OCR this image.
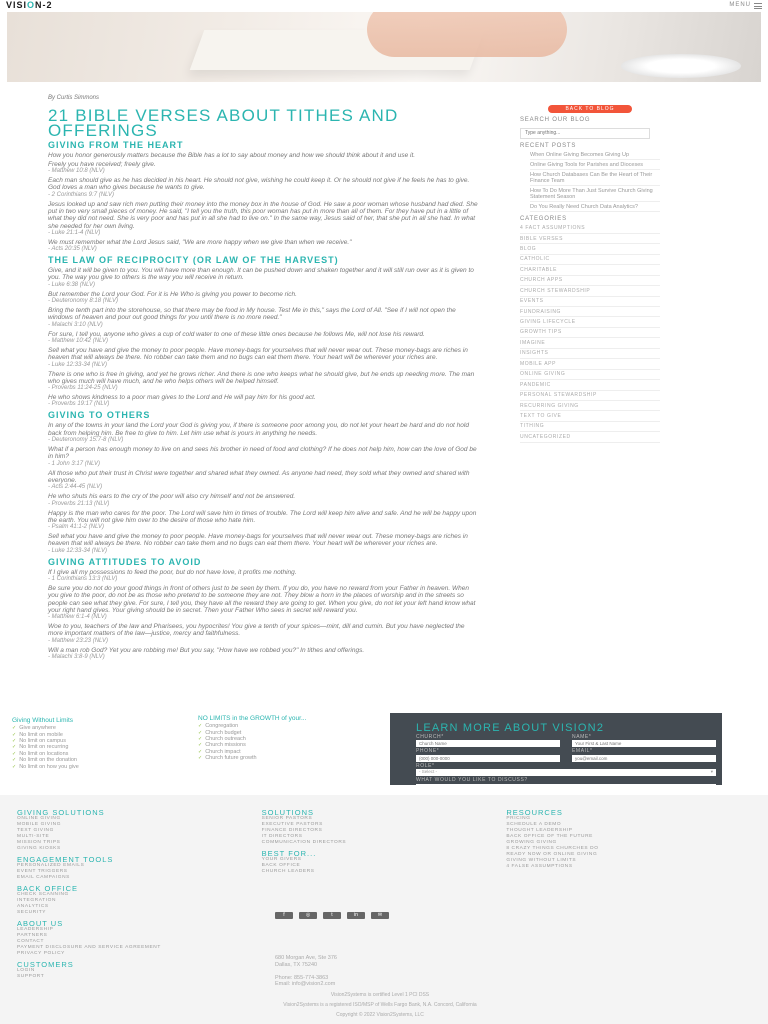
VISION-2	MENU
By Curtis Simmons
21 BIBLE VERSES ABOUT TITHES AND OFFERINGS
GIVING FROM THE HEART

How you honor generously matters because the Bible has a lot to say about money and how we should think about it and use it.

Freely you have received; freely give.

- Matthew 10:8 (NLV)

Each man should give as he has decided in his heart. He should not give, wishing he could keep it. Or he should not give if he feels he has to give. God loves a man who gives because he wants to give.

- 2 Corinthians 9:7 (NLV)

Jesus looked up and saw rich men putting their money into the money box in the house of God. He saw a poor woman whose husband had died. She put in two very small pieces of money. He said, "I tell you the truth, this poor woman has put in more than all of them. For they have put in a little of what they did not need. She is very poor and has put in all she had to live on." In the same way, Jesus said of her, that she put in all she had. In what she needed for her own living.

- Luke 21:1-4 (NLV)

We must remember what the Lord Jesus said, "We are more happy when we give than when we receive."

- Acts 20:35 (NLV)

THE LAW OF RECIPROCITY (OR LAW OF THE HARVEST)

Give, and it will be given to you. You will have more than enough. It can be pushed down and shaken together and it will still run over as it is given to you. The way you give to others is the way you will receive in return.

- Luke 6:38 (NLV)

But remember the Lord your God. For it is He Who is giving you power to become rich.

- Deuteronomy 8:18 (NLV)

Bring the tenth part into the storehouse, so that there may be food in My house. Test Me in this," says the Lord of All. "See if I will not open the windows of heaven and pour out good things for you until there is no more need."

- Malachi 3:10 (NLV)

For sure, I tell you, anyone who gives a cup of cold water to one of these little ones because he follows Me, will not lose his reward.

- Matthew 10:42 (NLV)

Sell what you have and give the money to poor people. Have money-bags for yourselves that will never wear out. These money-bags are riches in heaven that will always be there. No robber can take them and no bugs can eat them there. Your heart will be wherever your riches are.

- Luke 12:33-34 (NLV)

There is one who is free in giving, and yet he grows richer. And there is one who keeps what he should give, but he ends up needing more. The man who gives much will have much, and he who helps others will be helped himself.

- Proverbs 11:24-25 (NLV)

He who shows kindness to a poor man gives to the Lord and He will pay him for his good act.

- Proverbs 19:17 (NLV)

GIVING TO OTHERS

In any of the towns in your land the Lord your God is giving you, if there is someone poor among you, do not let your heart be hard and do not hold back from helping him. Be free to give to him. Let him use what is yours in anything he needs.

- Deuteronomy 15:7-8 (NLV)

What if a person has enough money to live on and sees his brother in need of food and clothing? If he does not help him, how can the love of God be in him?

- 1 John 3:17 (NLV)

All those who put their trust in Christ were together and shared what they owned. As anyone had need, they sold what they owned and shared with everyone.

- Acts 2:44-45 (NLV)

He who shuts his ears to the cry of the poor will also cry himself and not be answered.

- Proverbs 21:13 (NLV)

Happy is the man who cares for the poor. The Lord will save him in times of trouble. The Lord will keep him alive and safe. And he will be happy upon the earth. You will not give him over to the desire of those who hate him.

- Psalm 41:1-2 (NLV)

Sell what you have and give the money to poor people. Have money-bags for yourselves that will never wear out. These money-bags are riches in heaven that will always be there. No robber can take them and no bugs can eat them there. Your heart will be wherever your riches are.

- Luke 12:33-34 (NLV)

GIVING ATTITUDES TO AVOID

If I give all my possessions to feed the poor, but do not have love, it profits me nothing.

- 1 Corinthians 13:3 (NLV)

Be sure you do not do your good things in front of others just to be seen by them. If you do, you have no reward from your Father in heaven. When you give to the poor, do not be as those who pretend to be someone they are not. They blow a horn in the places of worship and in the streets so people can see what they give. For sure, I tell you, they have all the reward they are going to get. When you give, do not let your left hand know what your right hand gives. Your giving should be in secret. Then your Father Who sees in secret will reward you.

- Matthew 6:1-4 (NLV)

Woe to you, teachers of the law and Pharisees, you hypocrites! You give a tenth of your spices—mint, dill and cumin. But you have neglected the more important matters of the law—justice, mercy and faithfulness.

- Matthew 23:23 (NLV)

Will a man rob God? Yet you are robbing me! But you say, "How have we robbed you?" In tithes and offerings.

- Malachi 3:8-9 (NLV)

BACK TO BLOG
SEARCH OUR BLOG
Type anything...
RECENT POSTS
When Online Giving Becomes Giving Up
Online Giving Tools for Parishes and Dioceses
How Church Databases Can Be the Heart of Their Finance Team
How To Do More Than Just Survive Church Giving Statement Season
Do You Really Need Church Data Analytics?
CATEGORIES
4 FACT ASSUMPTIONS
BIBLE VERSES
BLOG
CATHOLIC
CHARITABLE
CHURCH APPS
CHURCH STEWARDSHIP
EVENTS
FUNDRAISING
GIVING LIFECYCLE
GROWTH TIPS
IMAGINE
INSIGHTS
MOBILE APP
ONLINE GIVING
PANDEMIC
PERSONAL STEWARDSHIP
RECURRING GIVING
TEXT TO GIVE
TITHING
UNCATEGORIZED
Giving Without Limits
✓ Give anywhere
✓ No limit on mobile
✓ No limit on campus
✓ No limit on recurring
✓ No limit on locations
✓ No limit on the donation
✓ No limit on how you give
NO LIMITS in the GROWTH of your...
✓ Congregation
✓ Church budget
✓ Church outreach
✓ Church missions
✓ Church impact
✓ Church future growth
LEARN MORE ABOUT VISION2
CHURCH*
Church Name	NAME*
Your First & Last Name
PHONE*
(000) 000-0000	EMAIL*
you@email.com
ROLE*
- Select -	▾
WHAT WOULD YOU LIKE TO DISCUSS?
GIVING SOLUTIONS
ONLINE GIVING
MOBILE GIVING
TEXT GIVING
MULTI-SITE
MISSION TRIPS
GIVING KIOSKS
ENGAGEMENT TOOLS
PERSONALIZED EMAILS
EVENT TRIGGERS
EMAIL CAMPAIGNS
BACK OFFICE
CHECK SCANNING
INTEGRATION
ANALYTICS
SECURITY
ABOUT US
LEADERSHIP
PARTNERS
CONTACT
PAYMENT DISCLOSURE AND SERVICE AGREEMENT
PRIVACY POLICY
CUSTOMERS
LOGIN
SUPPORT
SOLUTIONS
SENIOR PASTORS
EXECUTIVE PASTORS
FINANCE DIRECTORS
IT DIRECTORS
COMMUNICATION DIRECTORS
BEST FOR...
YOUR GIVERS
BACK OFFICE
CHURCH LEADERS
RESOURCES
PRICING
SCHEDULE A DEMO
THOUGHT LEADERSHIP
BACK OFFICE OF THE FUTURE
GROWING GIVING
8 CRAZY THINGS CHURCHES DO
READY NOW OR ONLINE GIVING
GIVING WITHOUT LIMITS
4 FALSE ASSUMPTIONS
f	◎	t	in	✉
680 Morgan Ave, Ste 376
Dallas, TX 75240

Phone: 855-774-3863
Email: info@vision2.com
Vision2Systems is certified Level 1 PCI DSS
Vision2Systems is a registered ISO/MSP of Wells Fargo Bank, N.A. Concord, California
Copyright © 2022 Vision2Systems, LLC
